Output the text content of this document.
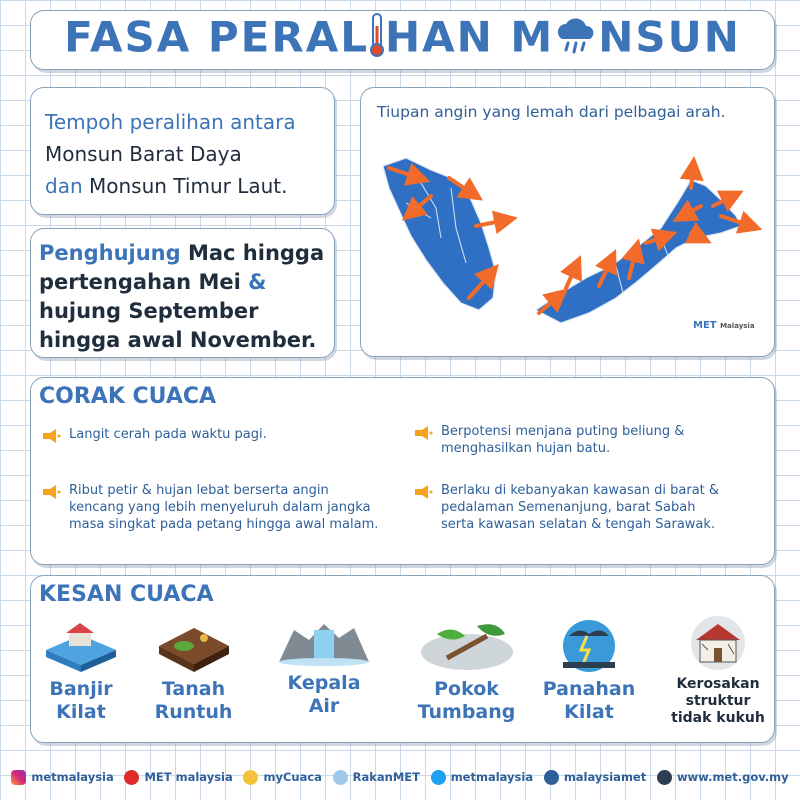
FASA PERAL HAN M NSUN
Tempoh peralihan antara
Monsun Barat Daya
dan Monsun Timur Laut.
Penghujung Mac hingga
pertengahan Mei &
hujung September
hingga awal November.
Tiupan angin yang lemah dari pelbagai arah.
MET Malaysia
CORAK CUACA
Langit cerah pada waktu pagi.
Ribut petir & hujan lebat berserta angin kencang yang lebih menyeluruh dalam jangka masa singkat pada petang hingga awal malam.
Berpotensi menjana puting beliung & menghasilkan hujan batu.
Berlaku di kebanyakan kawasan di barat & pedalaman Semenanjung, barat Sabah serta kawasan selatan & tengah Sarawak.
KESAN CUACA
Banjir
Kilat
Tanah
Runtuh
Kepala
Air
Pokok
Tumbang
Panahan
Kilat
Kerosakan
struktur
tidak kukuh
metmalaysia	MET malaysia	myCuaca	RakanMET	metmalaysia	malaysiamet	www.met.gov.my
